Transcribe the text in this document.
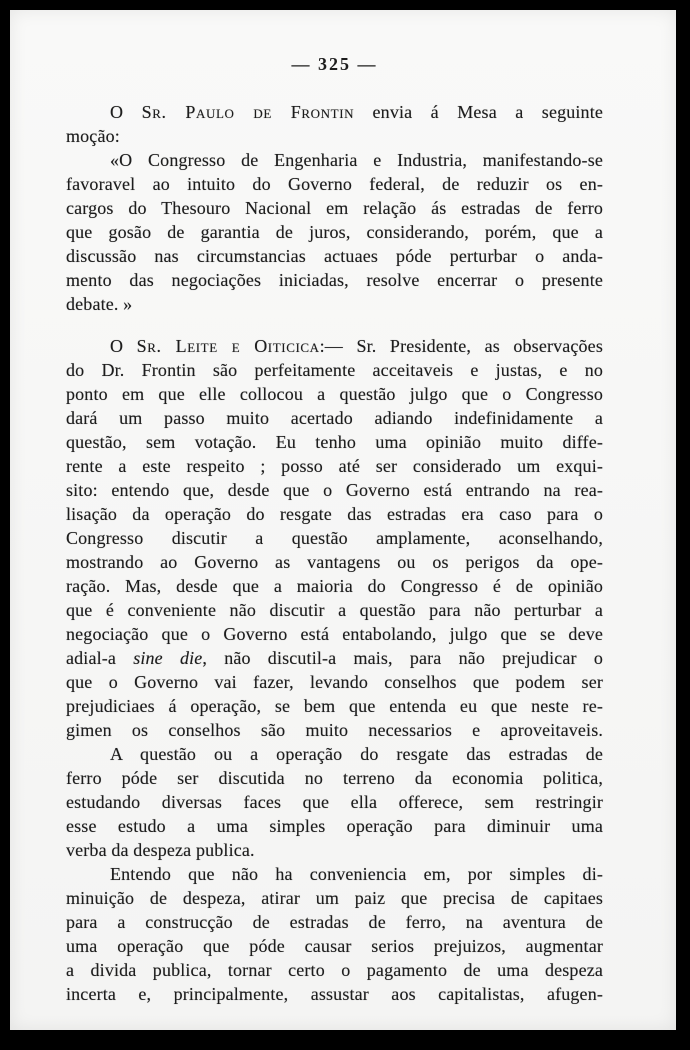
— 325 —
O Sr. Paulo de Frontin envia á Mesa a seguinte
moção:
«O Congresso de Engenharia e Industria, manifestando-se
favoravel ao intuito do Governo federal, de reduzir os en-
cargos do Thesouro Nacional em relação ás estradas de ferro
que gosão de garantia de juros, considerando, porém, que a
discussão nas circumstancias actuaes póde perturbar o anda-
mento das negociações iniciadas, resolve encerrar o presente
debate. »
O Sr. Leite e Oiticica:— Sr. Presidente, as observações
do Dr. Frontin são perfeitamente acceitaveis e justas, e no
ponto em que elle collocou a questão julgo que o Congresso
dará um passo muito acertado adiando indefinidamente a
questão, sem votação. Eu tenho uma opinião muito diffe-
rente a este respeito ; posso até ser considerado um exqui-
sito: entendo que, desde que o Governo está entrando na rea-
lisação da operação do resgate das estradas era caso para o
Congresso discutir a questão amplamente, aconselhando,
mostrando ao Governo as vantagens ou os perigos da ope-
ração. Mas, desde que a maioria do Congresso é de opinião
que é conveniente não discutir a questão para não perturbar a
negociação que o Governo está entabolando, julgo que se deve
adial-a sine die, não discutil-a mais, para não prejudicar o
que o Governo vai fazer, levando conselhos que podem ser
prejudiciaes á operação, se bem que entenda eu que neste re-
gimen os conselhos são muito necessarios e aproveitaveis.
A questão ou a operação do resgate das estradas de
ferro póde ser discutida no terreno da economia politica,
estudando diversas faces que ella offerece, sem restringir
esse estudo a uma simples operação para diminuir uma
verba da despeza publica.
Entendo que não ha conveniencia em, por simples di-
minuição de despeza, atirar um paiz que precisa de capitaes
para a construcção de estradas de ferro, na aventura de
uma operação que póde causar serios prejuizos, augmentar
a divida publica, tornar certo o pagamento de uma despeza
incerta e, principalmente, assustar aos capitalistas, afugen-
